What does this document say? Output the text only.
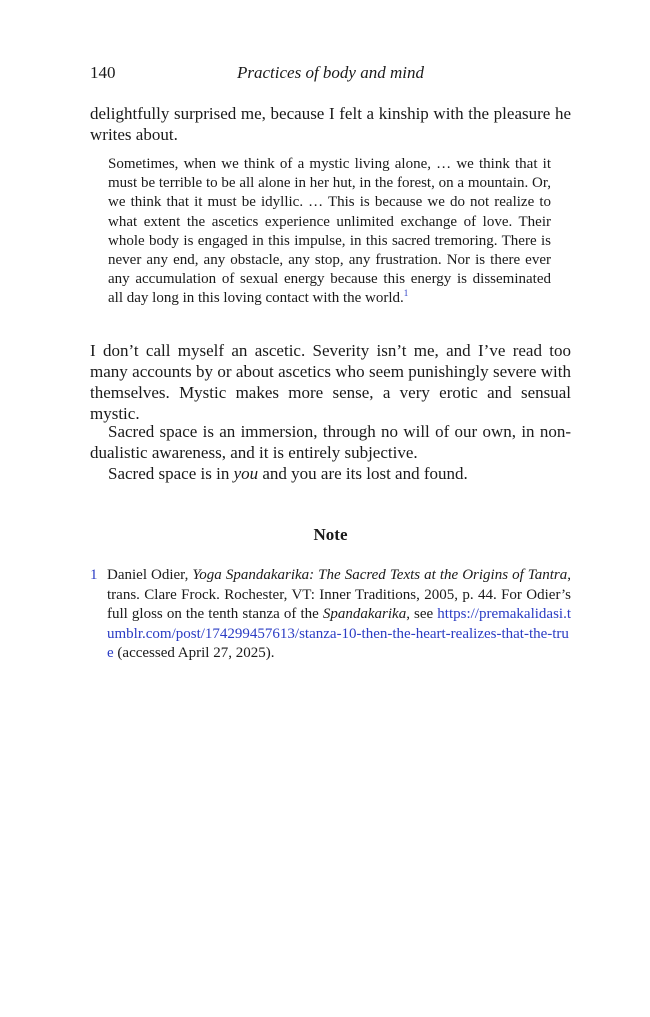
140	Practices of body and mind

delightfully surprised me, because I felt a kinship with the pleasure he writes about.

Sometimes, when we think of a mystic living alone, … we think that it must be terrible to be all alone in her hut, in the forest, on a mountain. Or, we think that it must be idyllic. … This is because we do not realize to what extent the ascetics experience unlimited exchange of love. Their whole body is engaged in this impulse, in this sacred tremoring. There is never any end, any obstacle, any stop, any frustration. Nor is there ever any accumulation of sexual energy because this energy is disseminated all day long in this loving contact with the world.$^1$

I don’t call myself an ascetic. Severity isn’t me, and I’ve read too many accounts by or about ascetics who seem punishingly severe with themselves. Mystic makes more sense, a very erotic and sensual mystic.

Sacred space is an immersion, through no will of our own, in non-dualistic awareness, and it is entirely subjective.
Sacred space is in you and you are its lost and found.
Note
1 Daniel Odier, Yoga Spandakarika: The Sacred Texts at the Origins of Tantra, trans. Clare Frock. Rochester, VT: Inner Traditions, 2005, p. 44. For Odier’s full gloss on the tenth stanza of the Spandakarika, see https://premakalidasi.tumblr.com/post/174299457613/stanza-10-then-the-heart-realizes-that-the-true (accessed April 27, 2025).
